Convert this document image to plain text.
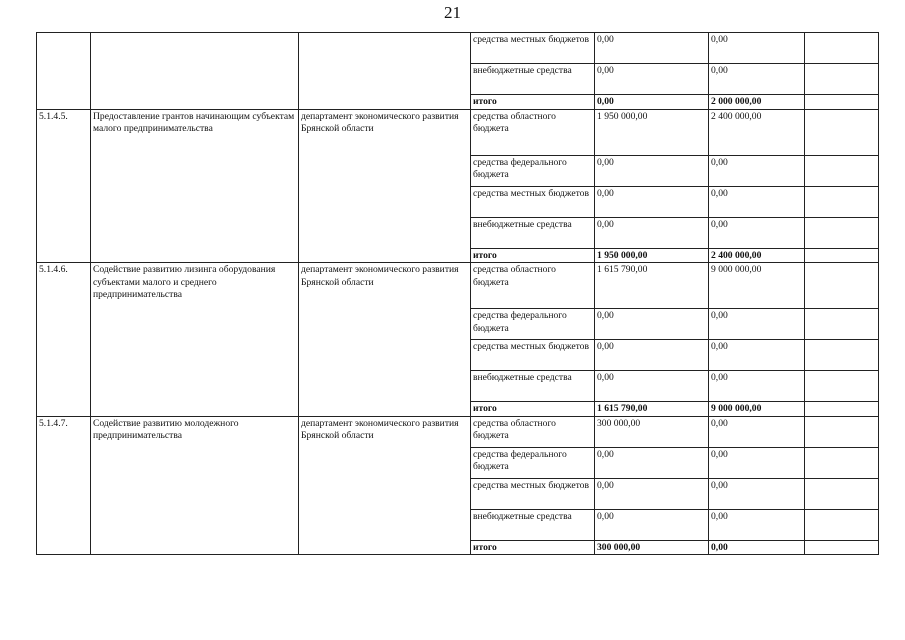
21
			средства местных бюджетов	0,00	0,00	
			внебюджетные средства	0,00	0,00	
			итого	0,00	2 000 000,00	
5.1.4.5.	Предоставление грантов начинающим субъектам малого предпринимательства	департамент экономического развития Брянской области	средства областного бюджета	1 950 000,00	2 400 000,00	
			средства федерального бюджета	0,00	0,00	
			средства местных бюджетов	0,00	0,00	
			внебюджетные средства	0,00	0,00	
			итого	1 950 000,00	2 400 000,00	
5.1.4.6.	Содействие развитию лизинга оборудования субъектами малого и среднего предпринимательства	департамент экономического развития Брянской области	средства областного бюджета	1 615 790,00	9 000 000,00	
			средства федерального бюджета	0,00	0,00	
			средства местных бюджетов	0,00	0,00	
			внебюджетные средства	0,00	0,00	
			итого	1 615 790,00	9 000 000,00	
5.1.4.7.	Содействие развитию молодежного предпринимательства	департамент экономического развития Брянской области	средства областного бюджета	300 000,00	0,00	
			средства федерального бюджета	0,00	0,00	
			средства местных бюджетов	0,00	0,00	
			внебюджетные средства	0,00	0,00	
			итого	300 000,00	0,00	
